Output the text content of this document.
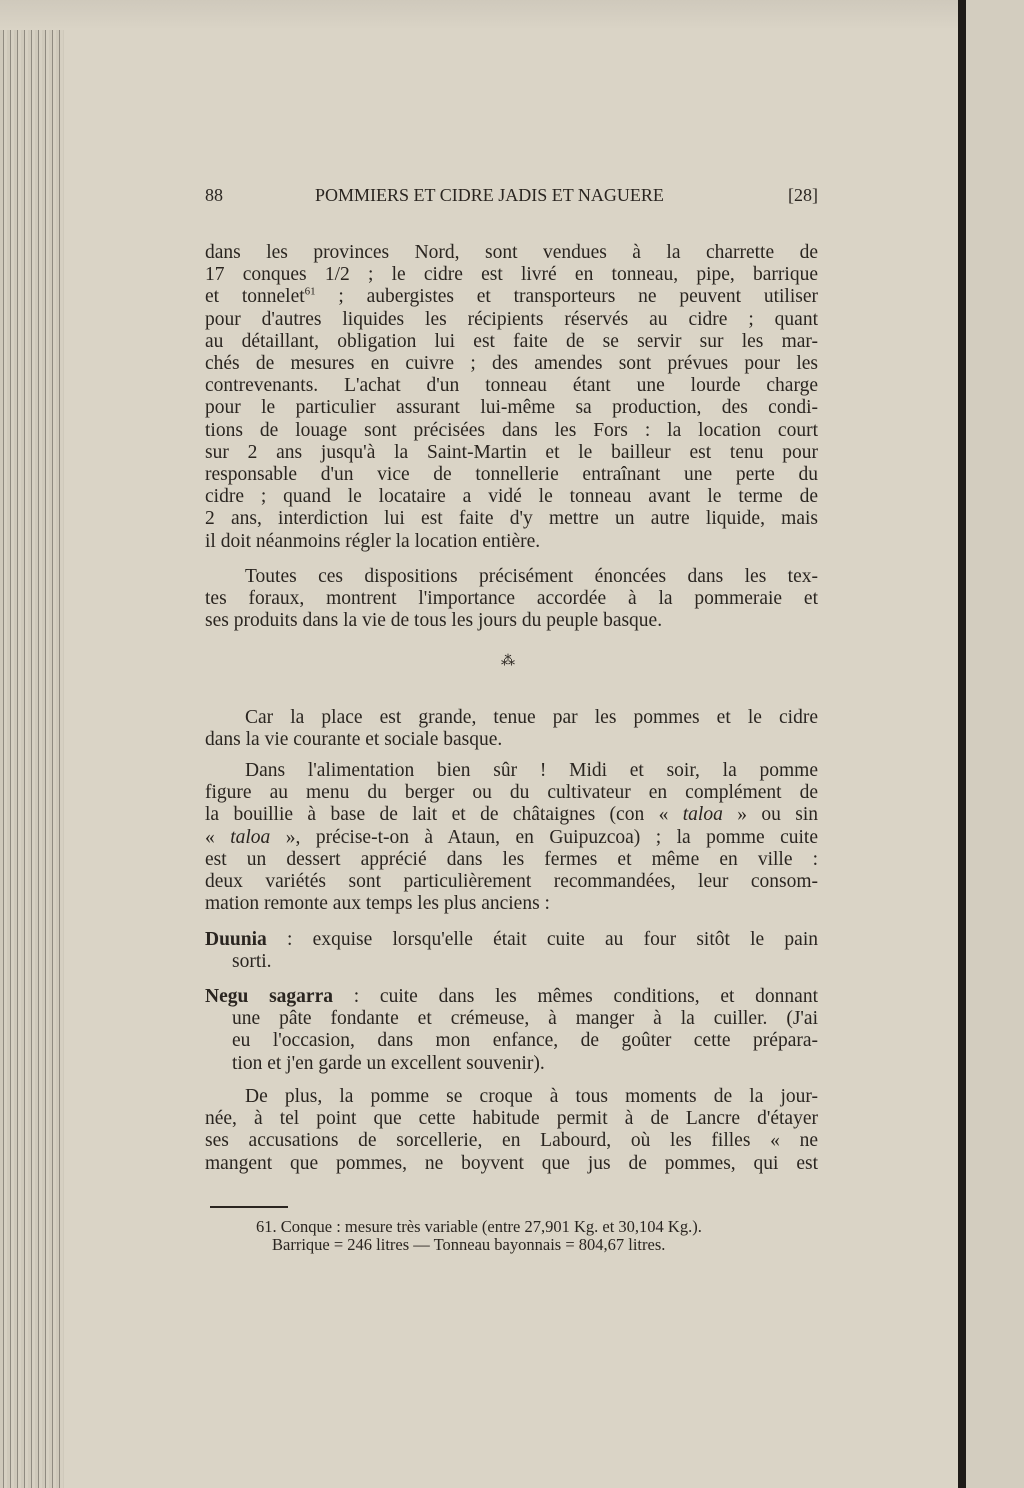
88	POMMIERS ET CIDRE JADIS ET NAGUERE	[28]
dans les provinces Nord, sont vendues à la charrette de
17 conques 1/2 ; le cidre est livré en tonneau, pipe, barrique
et tonnelet$^{61}$ ; aubergistes et transporteurs ne peuvent utiliser
pour d'autres liquides les récipients réservés au cidre ; quant
au détaillant, obligation lui est faite de se servir sur les mar-
chés de mesures en cuivre ; des amendes sont prévues pour les
contrevenants. L'achat d'un tonneau étant une lourde charge
pour le particulier assurant lui-même sa production, des condi-
tions de louage sont précisées dans les Fors : la location court
sur 2 ans jusqu'à la Saint-Martin et le bailleur est tenu pour
responsable d'un vice de tonnellerie entraînant une perte du
cidre ; quand le locataire a vidé le tonneau avant le terme de
2 ans, interdiction lui est faite d'y mettre un autre liquide, mais
il doit néanmoins régler la location entière.
Toutes ces dispositions précisément énoncées dans les tex-
tes foraux, montrent l'importance accordée à la pommeraie et
ses produits dans la vie de tous les jours du peuple basque.
Car la place est grande, tenue par les pommes et le cidre
dans la vie courante et sociale basque.
Dans l'alimentation bien sûr ! Midi et soir, la pomme
figure au menu du berger ou du cultivateur en complément de
la bouillie à base de lait et de châtaignes (con « taloa » ou sin
« taloa », précise-t-on à Ataun, en Guipuzcoa) ; la pomme cuite
est un dessert apprécié dans les fermes et même en ville :
deux variétés sont particulièrement recommandées, leur consom-
mation remonte aux temps les plus anciens :
Duunia : exquise lorsqu'elle était cuite au four sitôt le pain
sorti.
Negu sagarra : cuite dans les mêmes conditions, et donnant
une pâte fondante et crémeuse, à manger à la cuiller. (J'ai
eu l'occasion, dans mon enfance, de goûter cette prépara-
tion et j'en garde un excellent souvenir).
De plus, la pomme se croque à tous moments de la jour-
née, à tel point que cette habitude permit à de Lancre d'étayer
ses accusations de sorcellerie, en Labourd, où les filles « ne
mangent que pommes, ne boyvent que jus de pommes, qui est
⁂
61. Conque : mesure très variable (entre 27,901 Kg. et 30,104 Kg.).
Barrique = 246 litres — Tonneau bayonnais = 804,67 litres.
